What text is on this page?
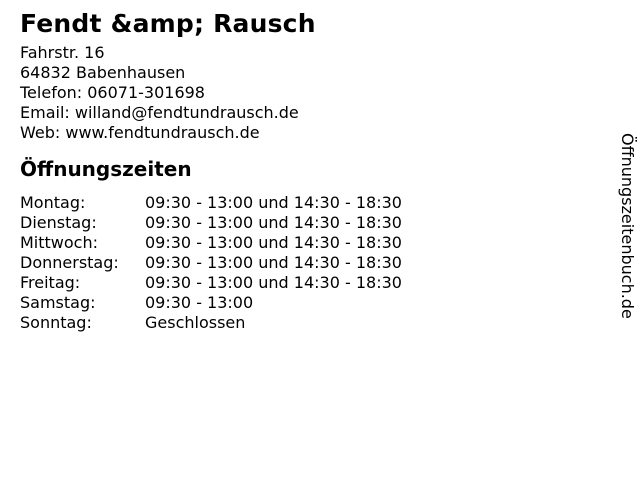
Fendt &amp; Rausch
Fahrstr. 16
64832 Babenhausen
Telefon: 06071-301698
Email: willand@fendtundrausch.de
Web: www.fendtundrausch.de
Öffnungszeiten
Montag:	09:30 - 13:00 und 14:30 - 18:30
Dienstag:	09:30 - 13:00 und 14:30 - 18:30
Mittwoch:	09:30 - 13:00 und 14:30 - 18:30
Donnerstag:	09:30 - 13:00 und 14:30 - 18:30
Freitag:	09:30 - 13:00 und 14:30 - 18:30
Samstag:	09:30 - 13:00
Sonntag:	Geschlossen
Öffnungszeitenbuch.de
